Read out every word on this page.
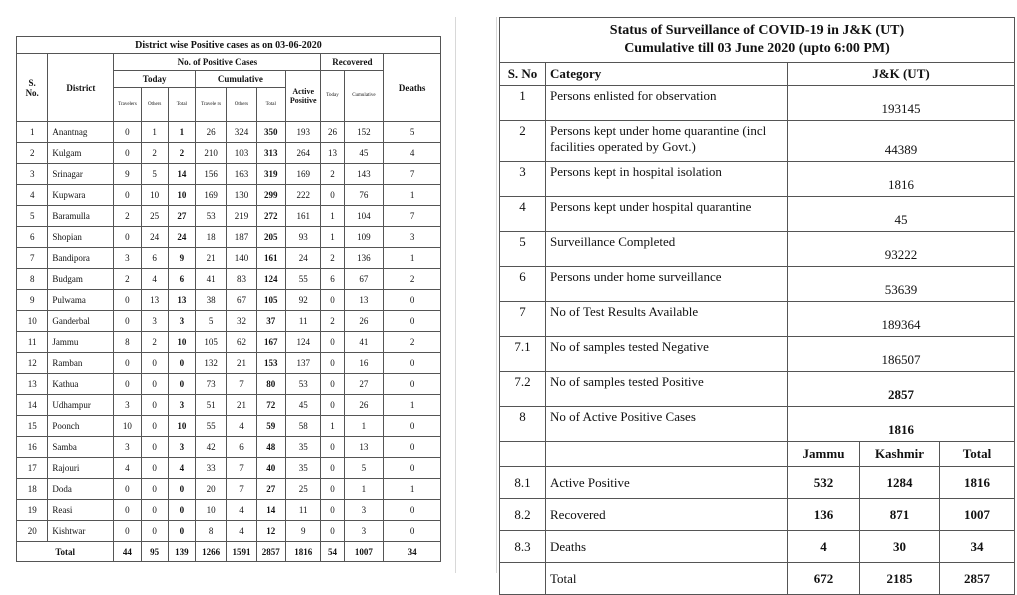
District wise Positive cases as on 03-06-2020											
S. No.	District	No. of Positive Cases							Recovered		Deaths
		Today			Cumulative			Active Positive	Today	Cumulative	
		Travelers	Others	Total	Travele rs	Others	Total				
1	Anantnag	0	1	1	26	324	350	193	26	152	5
2	Kulgam	0	2	2	210	103	313	264	13	45	4
3	Srinagar	9	5	14	156	163	319	169	2	143	7
4	Kupwara	0	10	10	169	130	299	222	0	76	1
5	Baramulla	2	25	27	53	219	272	161	1	104	7
6	Shopian	0	24	24	18	187	205	93	1	109	3
7	Bandipora	3	6	9	21	140	161	24	2	136	1
8	Budgam	2	4	6	41	83	124	55	6	67	2
9	Pulwama	0	13	13	38	67	105	92	0	13	0
10	Ganderbal	0	3	3	5	32	37	11	2	26	0
11	Jammu	8	2	10	105	62	167	124	0	41	2
12	Ramban	0	0	0	132	21	153	137	0	16	0
13	Kathua	0	0	0	73	7	80	53	0	27	0
14	Udhampur	3	0	3	51	21	72	45	0	26	1
15	Poonch	10	0	10	55	4	59	58	1	1	0
16	Samba	3	0	3	42	6	48	35	0	13	0
17	Rajouri	4	0	4	33	7	40	35	0	5	0
18	Doda	0	0	0	20	7	27	25	0	1	1
19	Reasi	0	0	0	10	4	14	11	0	3	0
20	Kishtwar	0	0	0	8	4	12	9	0	3	0
Total		44	95	139	1266	1591	2857	1816	54	1007	34
Status of Surveillance of COVID-19 in J&K (UT)
Cumulative till 03 June 2020 (upto 6:00 PM)				

S. No	Category	J&K (UT)		
1	Persons enlisted for observation	193145		
2	Persons kept under home quarantine (incl facilities operated by Govt.)	44389		
3	Persons kept in hospital isolation	1816		
4	Persons kept under hospital quarantine	45		
5	Surveillance Completed	93222		
6	Persons under home surveillance	53639		
7	No of Test Results Available	189364		
7.1	No of samples tested Negative	186507		
7.2	No of samples tested Positive	2857		
8	No of Active Positive Cases	1816		
		Jammu	Kashmir	Total
8.1	Active Positive	532	1284	1816
8.2	Recovered	136	871	1007
8.3	Deaths	4	30	34
	Total	672	2185	2857
